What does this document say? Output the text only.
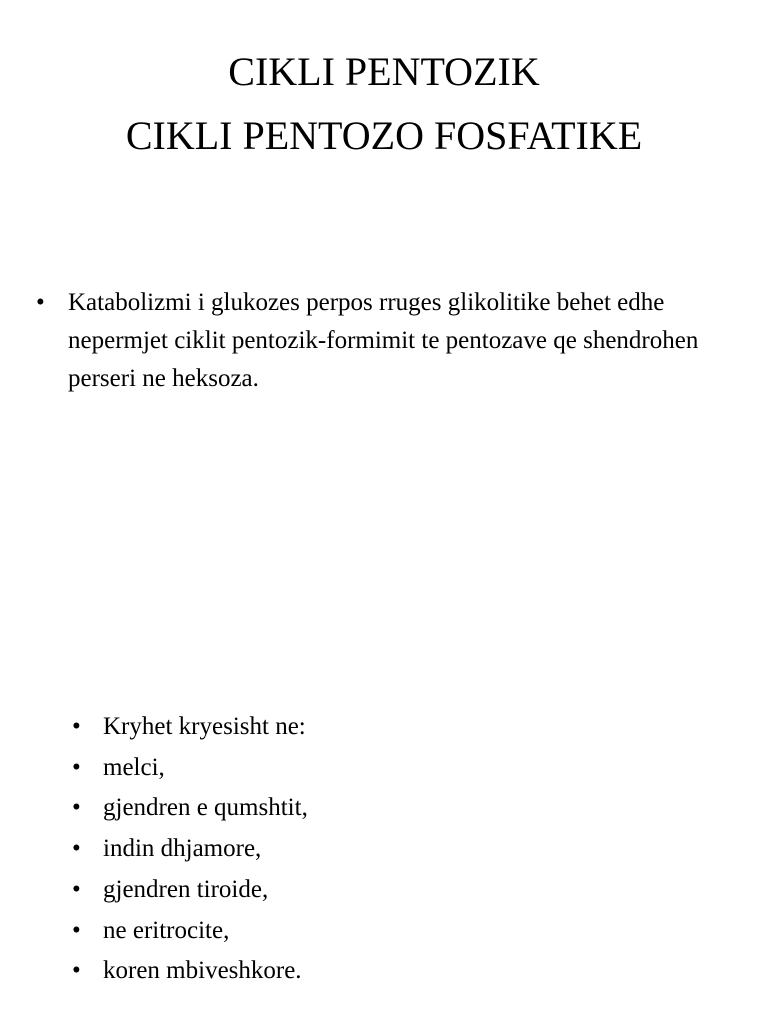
CIKLI PENTOZIK
CIKLI PENTOZO FOSFATIKE
• Katabolizmi i glukozes perpos rruges glikolitike behet edhe nepermjet ciklit pentozik-formimit te pentozave qe shendrohen perseri ne heksoza.
• Kryhet kryesisht ne:
• melci,
• gjendren e qumshtit,
• indin dhjamore,
• gjendren tiroide,
• ne eritrocite,
• koren mbiveshkore.
